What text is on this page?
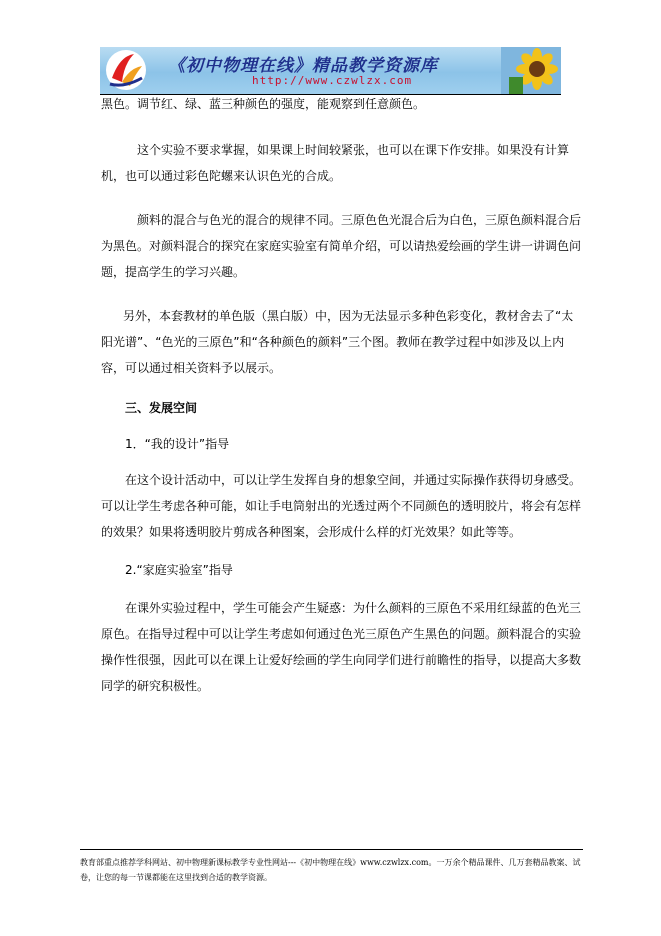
《初中物理在线》精品教学资源库
http://www.czwlzx.com

黑色。调节红、绿、蓝三种颜色的强度，能观察到任意颜色。

这个实验不要求掌握，如果课上时间较紧张，也可以在课下作安排。如果没有计算机，也可以通过彩色陀螺来认识色光的合成。

颜料的混合与色光的混合的规律不同。三原色色光混合后为白色，三原色颜料混合后为黑色。对颜料混合的探究在家庭实验室有简单介绍，可以请热爱绘画的学生讲一讲调色问题，提高学生的学习兴趣。

另外，本套教材的单色版（黑白版）中，因为无法显示多种色彩变化，教材舍去了“太阳光谱”、“色光的三原色”和“各种颜色的颜料”三个图。教师在教学过程中如涉及以上内容，可以通过相关资料予以展示。

三、发展空间

1．“我的设计”指导

在这个设计活动中，可以让学生发挥自身的想象空间，并通过实际操作获得切身感受。可以让学生考虑各种可能，如让手电筒射出的光透过两个不同颜色的透明胶片，将会有怎样的效果？如果将透明胶片剪成各种图案，会形成什么样的灯光效果？如此等等。

2.“家庭实验室”指导

在课外实验过程中，学生可能会产生疑惑：为什么颜料的三原色不采用红绿蓝的色光三原色。在指导过程中可以让学生考虑如何通过色光三原色产生黑色的问题。颜料混合的实验操作性很强，因此可以在课上让爱好绘画的学生向同学们进行前瞻性的指导，以提高大多数同学的研究积极性。

教育部重点推荐学科网站、初中物理新课标教学专业性网站---《初中物理在线》www.czwlzx.com。一万余个精品课件、几万套精品教案、试卷，让您的每一节课都能在这里找到合适的教学资源。
